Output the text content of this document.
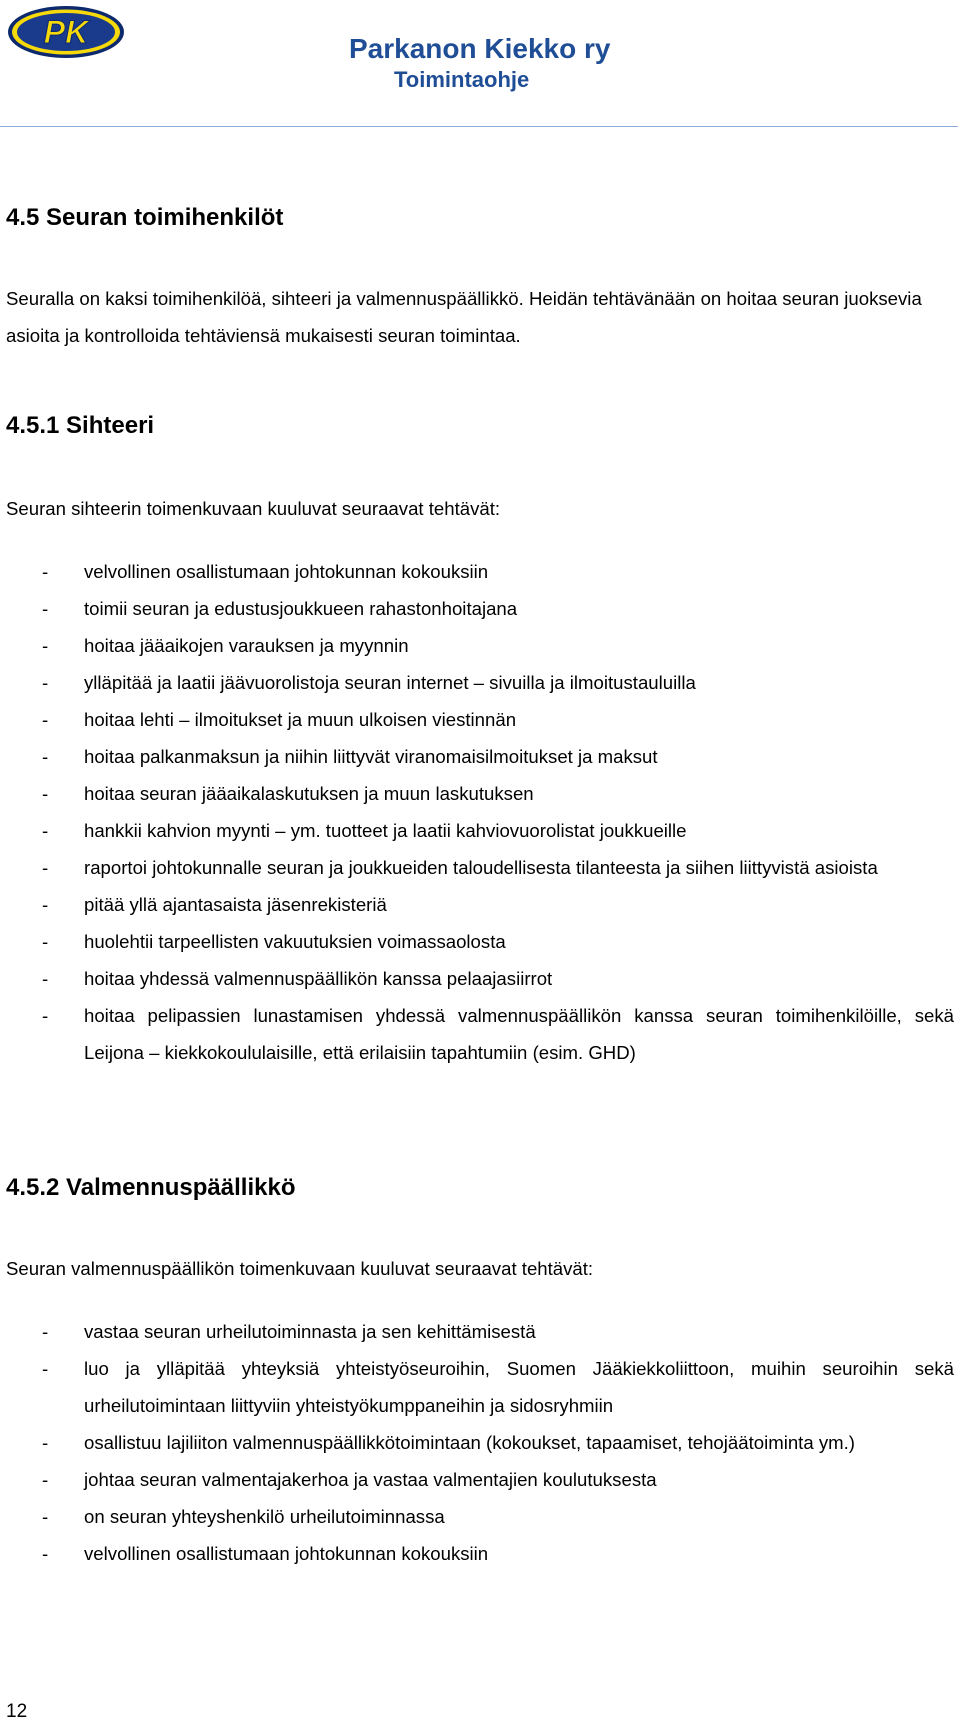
PK	Parkanon Kiekko ry
Toimintaohje
4.5 Seuran toimihenkilöt
Seuralla on kaksi toimihenkilöä, sihteeri ja valmennuspäällikkö. Heidän tehtävänään on hoitaa seuran juoksevia asioita ja kontrolloida tehtäviensä mukaisesti seuran toimintaa.
4.5.1 Sihteeri
Seuran sihteerin toimenkuvaan kuuluvat seuraavat tehtävät:
- velvollinen osallistumaan johtokunnan kokouksiin
- toimii seuran ja edustusjoukkueen rahastonhoitajana
- hoitaa jääaikojen varauksen ja myynnin
- ylläpitää ja laatii jäävuorolistoja seuran internet – sivuilla ja ilmoitustauluilla
- hoitaa lehti – ilmoitukset ja muun ulkoisen viestinnän
- hoitaa palkanmaksun ja niihin liittyvät viranomaisilmoitukset ja maksut
- hoitaa seuran jääaikalaskutuksen ja muun laskutuksen
- hankkii kahvion myynti – ym. tuotteet ja laatii kahviovuorolistat joukkueille
- raportoi johtokunnalle seuran ja joukkueiden taloudellisesta tilanteesta ja siihen liittyvistä asioista
- pitää yllä ajantasaista jäsenrekisteriä
- huolehtii tarpeellisten vakuutuksien voimassaolosta
- hoitaa yhdessä valmennuspäällikön kanssa pelaajasiirrot
- hoitaa pelipassien lunastamisen yhdessä valmennuspäällikön kanssa seuran toimihenkilöille, sekä Leijona – kiekkokoululaisille, että erilaisiin tapahtumiin (esim. GHD)
4.5.2 Valmennuspäällikkö
Seuran valmennuspäällikön toimenkuvaan kuuluvat seuraavat tehtävät:
- vastaa seuran urheilutoiminnasta ja sen kehittämisestä
- luo ja ylläpitää yhteyksiä yhteistyöseuroihin, Suomen Jääkiekkoliittoon, muihin seuroihin sekä urheilutoimintaan liittyviin yhteistyökumppaneihin ja sidosryhmiin
- osallistuu lajiliiton valmennuspäällikkötoimintaan (kokoukset, tapaamiset, tehojäätoiminta ym.)
- johtaa seuran valmentajakerhoa ja vastaa valmentajien koulutuksesta
- on seuran yhteyshenkilö urheilutoiminnassa
- velvollinen osallistumaan johtokunnan kokouksiin
12
